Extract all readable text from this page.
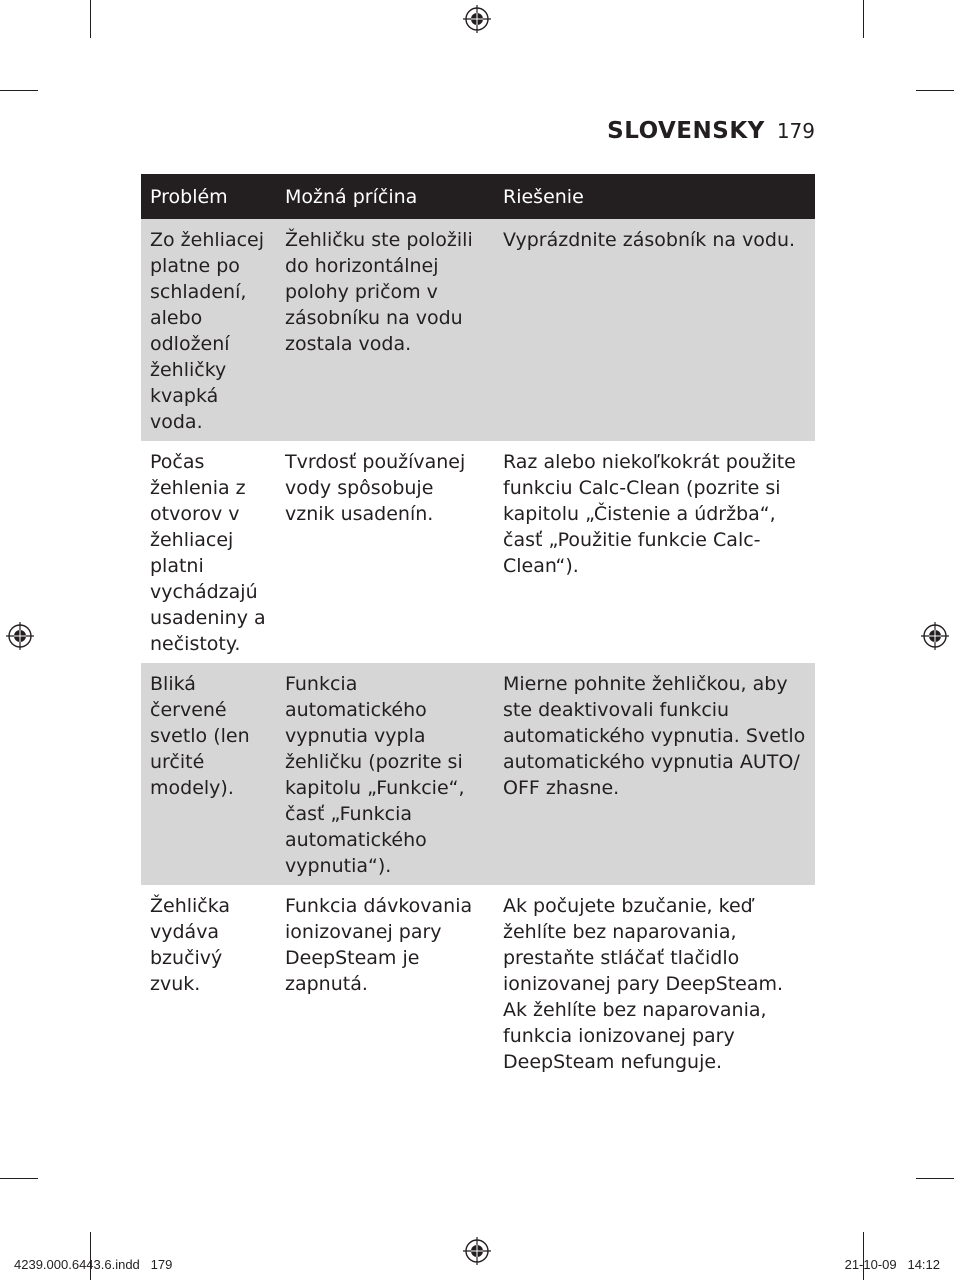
SLOVENSKY 179
Problém	Možná príčina	Riešenie
Zo žehliacej platne po schladení, alebo odložení žehličky kvapká voda.	Žehličku ste položili do horizontálnej polohy pričom v zásobníku na vodu zostala voda.	Vyprázdnite zásobník na vodu.
Počas žehlenia z otvorov v žehliacej platni vychádzajú usadeniny a nečistoty.	Tvrdosť používanej vody spôsobuje vznik usadenín.	Raz alebo niekoľkokrát použite funkciu Calc-Clean (pozrite si kapitolu „Čistenie a údržba“, časť „Použitie funkcie Calc-Clean“).
Bliká červené svetlo (len určité modely).	Funkcia automatického vypnutia vypla žehličku (pozrite si kapitolu „Funkcie“, časť „Funkcia automatického vypnutia“).	Mierne pohnite žehličkou, aby ste deaktivovali funkciu automatického vypnutia. Svetlo automatického vypnutia AUTO/ OFF zhasne.
Žehlička vydáva bzučivý zvuk.	Funkcia dávkovania ionizovanej pary DeepSteam je zapnutá.	Ak počujete bzučanie, keď žehlíte bez naparovania, prestaňte stláčať tlačidlo ionizovanej pary DeepSteam. Ak žehlíte bez naparovania, funkcia ionizovanej pary DeepSteam nefunguje.
4239.000.6443.6.indd   179	21-10-09   14:12
